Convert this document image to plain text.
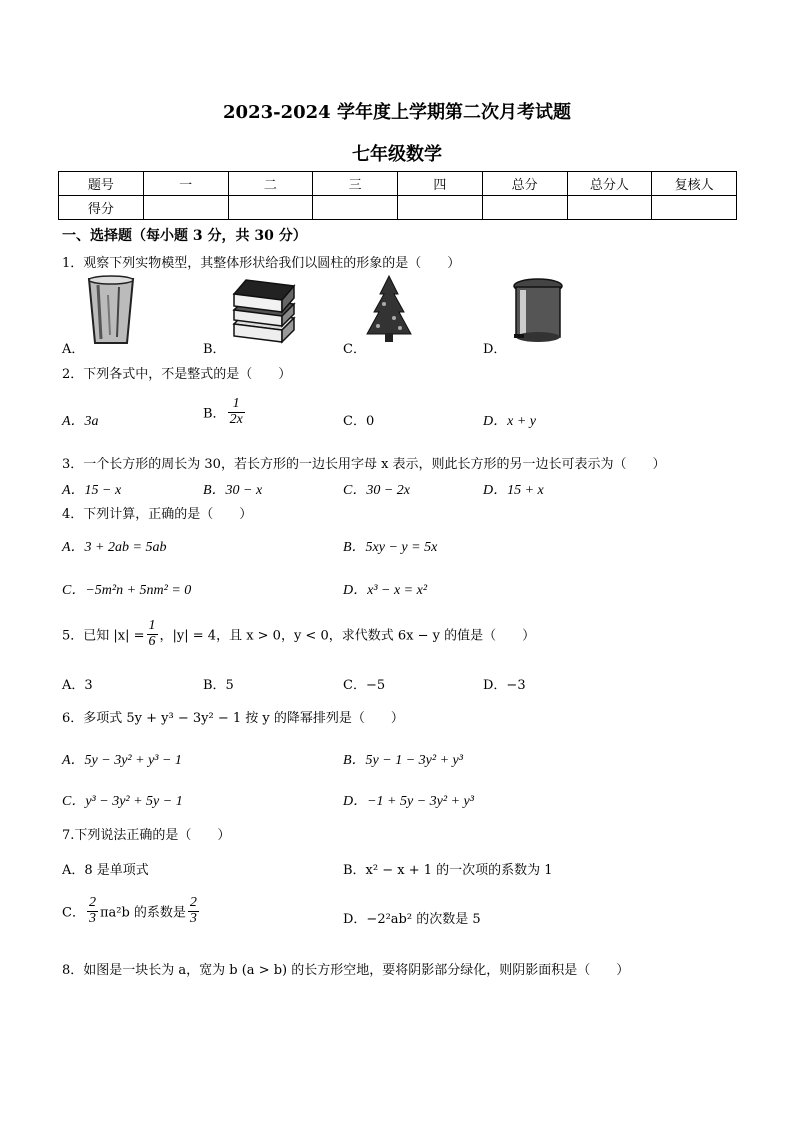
2023-2024 学年度上学期第二次月考试题
七年级数学
题号	一	二	三	四	总分	总分人	复核人
得分							
一、选择题（每小题 3 分，共 30 分）
1．观察下列实物模型，其整体形状给我们以圆柱的形象的是（　　）
A．	B．	C．	D．
2．下列各式中，不是整式的是（　　）
A．3a	B． $\frac{1}{2x}$	C．0	D．x + y
3．一个长方形的周长为 30，若长方形的一边长用字母 x 表示，则此长方形的另一边长可表示为（　　）
A．15 − x	B．30 − x	C．30 − 2x	D．15 + x
4．下列计算，正确的是（　　）
A．3 + 2ab = 5ab	B．5xy − y = 5x
C．−5m²n + 5nm² = 0	D．x³ − x = x²
5．已知 $|x| = \frac{1}{6}$ ，|y| = 4，且 x > 0，y < 0，求代数式 6x − y 的值是（　　）
A．3	B．5	C．−5	D．−3
6．多项式 5y + y³ − 3y² − 1 按 y 的降幂排列是（　　）
A．5y − 3y² + y³ − 1	B．5y − 1 − 3y² + y³
C．y³ − 3y² + 5y − 1	D．−1 + 5y − 3y² + y³
7.下列说法正确的是（　　）
A．8 是单项式	B．x² − x + 1 的一次项的系数为 1
C． $\frac{2}{3} \pi a^2b$ 的系数是 $\frac{2}{3}$	D．−2²ab² 的次数是 5
8．如图是一块长为 a，宽为 b (a > b) 的长方形空地，要将阴影部分绿化，则阴影面积是（　　）
